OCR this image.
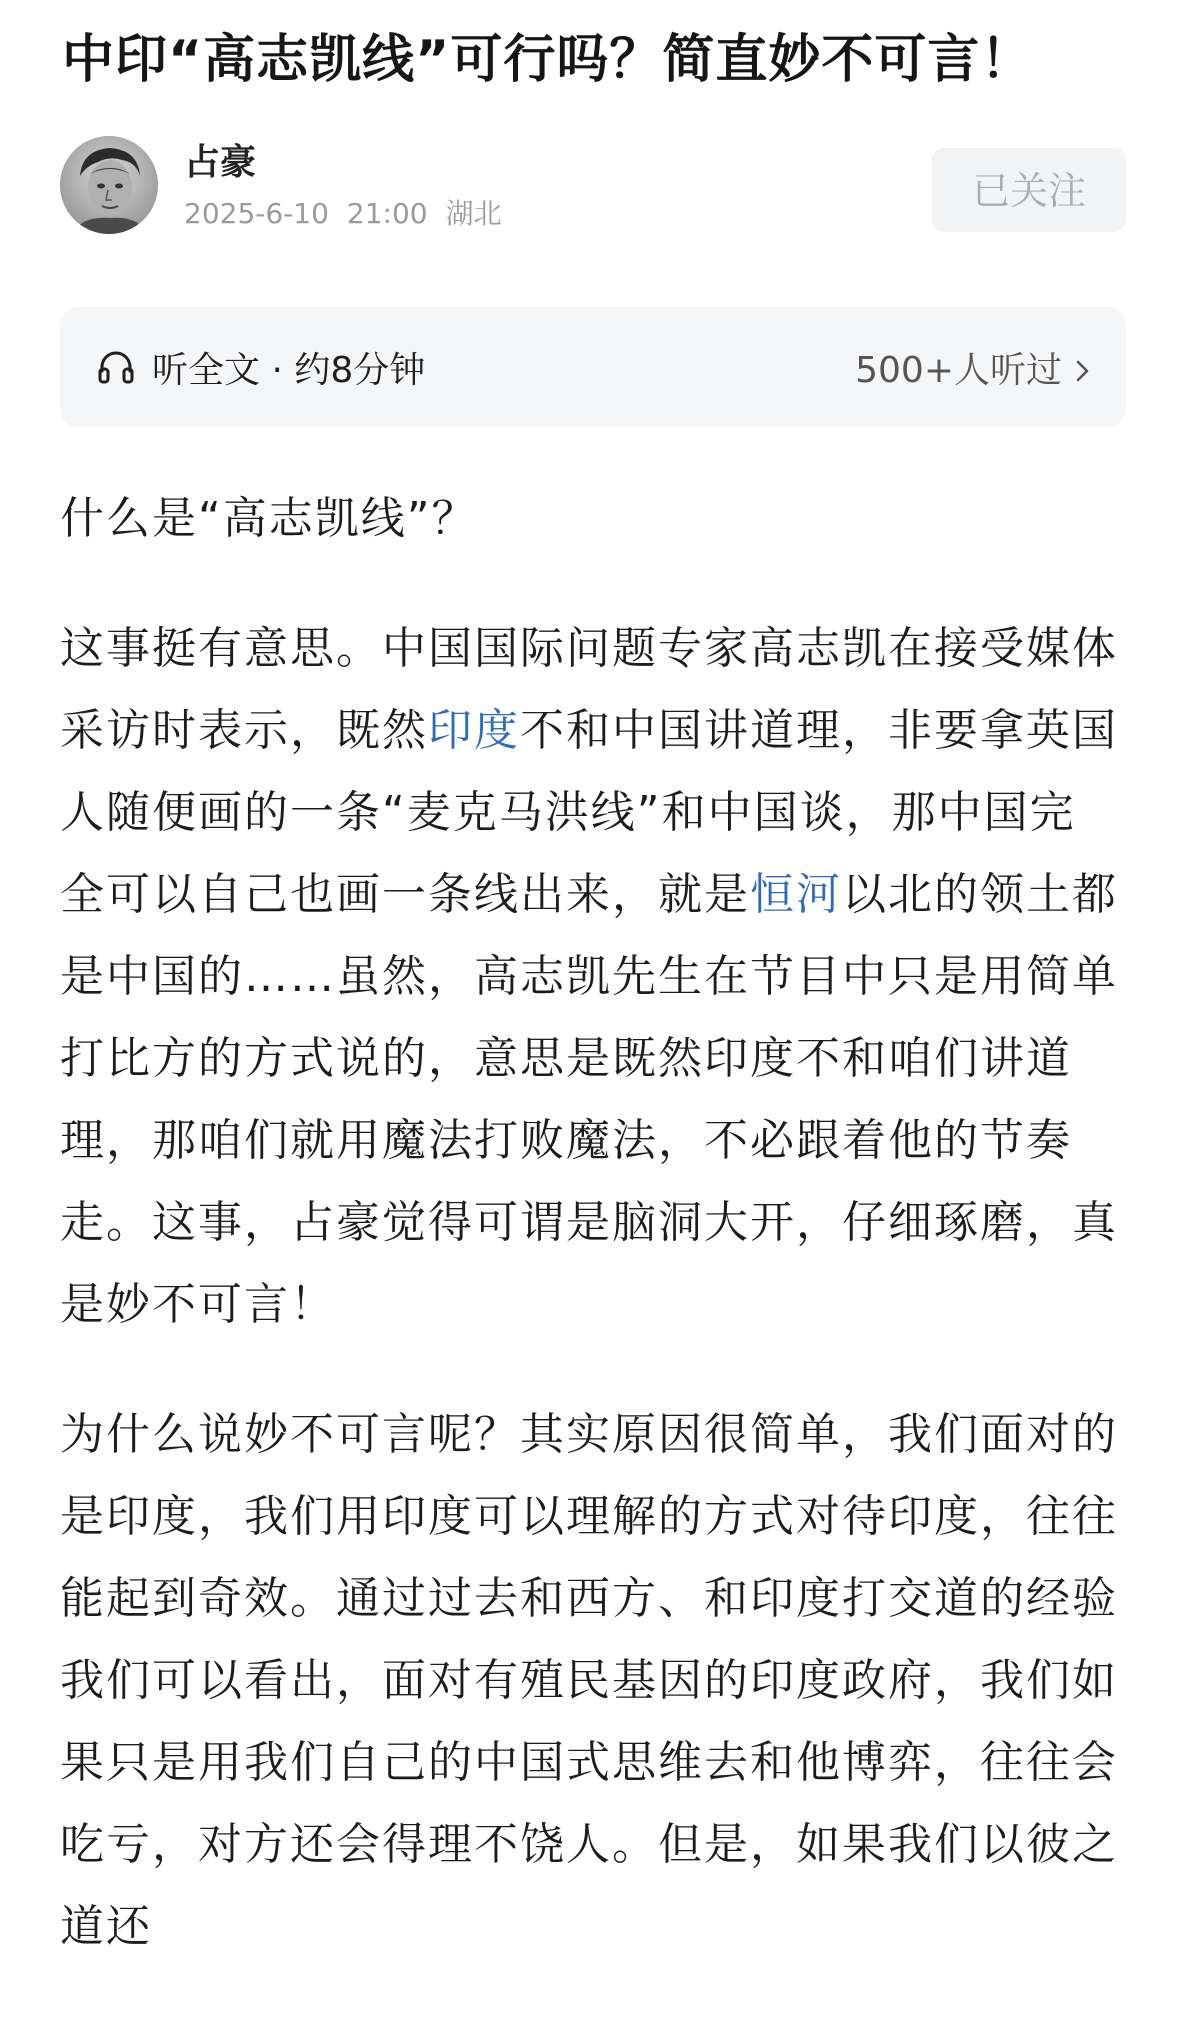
中印“高志凯线”可行吗？简直妙不可言！
占豪
2025-6-10 21:00 湖北
已关注
听全文 · 约8分钟	500+人听过

什么是“高志凯线”？

这事挺有意思。中国国际问题专家高志凯在接受媒体采访时表示，既然印度不和中国讲道理，非要拿英国人随便画的一条“麦克马洪线”和中国谈，那中国完全可以自己也画一条线出来，就是恒河以北的领土都是中国的……虽然，高志凯先生在节目中只是用简单打比方的方式说的，意思是既然印度不和咱们讲道理，那咱们就用魔法打败魔法，不必跟着他的节奏走。这事，占豪觉得可谓是脑洞大开，仔细琢磨，真是妙不可言！

为什么说妙不可言呢？其实原因很简单，我们面对的是印度，我们用印度可以理解的方式对待印度，往往能起到奇效。通过过去和西方、和印度打交道的经验我们可以看出，面对有殖民基因的印度政府，我们如果只是用我们自己的中国式思维去和他博弈，往往会吃亏，对方还会得理不饶人。但是，如果我们以彼之道还
